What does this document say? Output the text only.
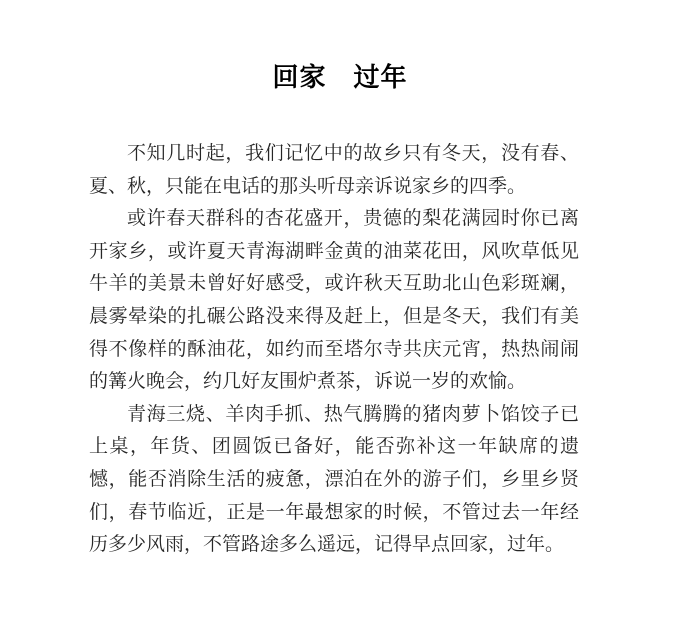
回家　过年

不知几时起，我们记忆中的故乡只有冬天，没有春、夏、秋，只能在电话的那头听母亲诉说家乡的四季。

或许春天群科的杏花盛开，贵德的梨花满园时你已离开家乡，或许夏天青海湖畔金黄的油菜花田，风吹草低见牛羊的美景未曾好好感受，或许秋天互助北山色彩斑斓，晨雾晕染的扎碾公路没来得及赶上，但是冬天，我们有美得不像样的酥油花，如约而至塔尔寺共庆元宵，热热闹闹的篝火晚会，约几好友围炉煮茶，诉说一岁的欢愉。

青海三烧、羊肉手抓、热气腾腾的猪肉萝卜馅饺子已上桌，年货、团圆饭已备好，能否弥补这一年缺席的遗憾，能否消除生活的疲惫，漂泊在外的游子们，乡里乡贤们，春节临近，正是一年最想家的时候，不管过去一年经历多少风雨，不管路途多么遥远，记得早点回家，过年。
